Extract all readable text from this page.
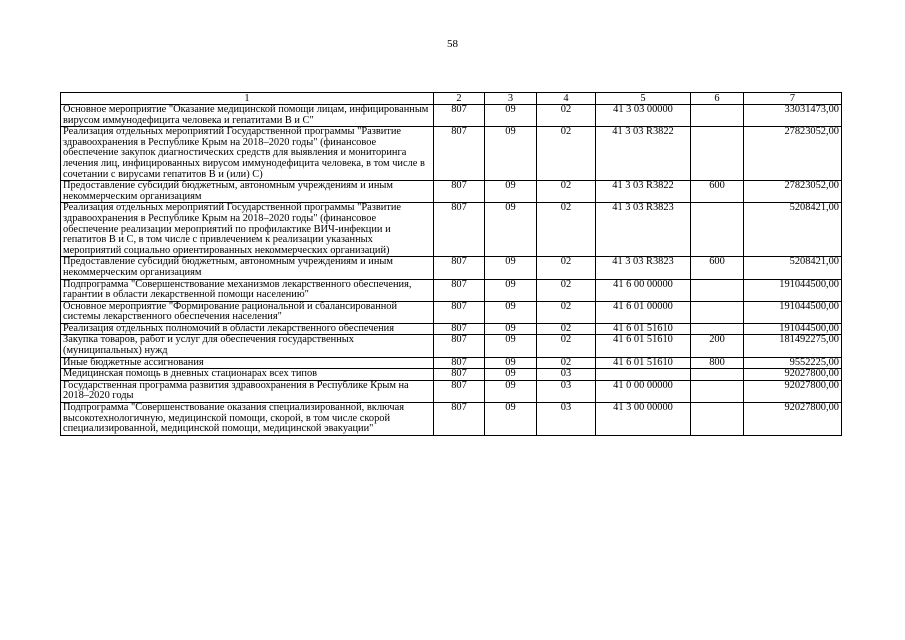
58
1	2	3	4	5	6	7
Основное мероприятие "Оказание медицинской помощи лицам, инфицированным вирусом иммунодефицита человека и гепатитами В и С"	807	09	02	41 3 03 00000		33031473,00
Реализация отдельных мероприятий Государственной программы "Развитие здравоохранения в Республике Крым на 2018–2020 годы" (финансовое обеспечение закупок диагностических средств для выявления и мониторинга лечения лиц, инфицированных вирусом иммунодефицита человека, в том числе в сочетании с вирусами гепатитов В и (или) С)	807	09	02	41 3 03 R3822		27823052,00
Предоставление субсидий бюджетным, автономным учреждениям и иным некоммерческим организациям	807	09	02	41 3 03 R3822	600	27823052,00
Реализация отдельных мероприятий Государственной программы "Развитие здравоохранения в Республике Крым на 2018–2020 годы" (финансовое обеспечение реализации мероприятий по профилактике ВИЧ-инфекции и гепатитов В и С, в том числе с привлечением к реализации указанных мероприятий социально ориентированных некоммерческих организаций)	807	09	02	41 3 03 R3823		5208421,00
Предоставление субсидий бюджетным, автономным учреждениям и иным некоммерческим организациям	807	09	02	41 3 03 R3823	600	5208421,00
Подпрограмма "Совершенствование механизмов лекарственного обеспечения, гарантии в области лекарственной помощи населению"	807	09	02	41 6 00 00000		191044500,00
Основное мероприятие "Формирование рациональной и сбалансированной системы лекарственного обеспечения населения"	807	09	02	41 6 01 00000		191044500,00
Реализация отдельных полномочий в области лекарственного обеспечения	807	09	02	41 6 01 51610		191044500,00
Закупка товаров, работ и услуг для обеспечения государственных (муниципальных) нужд	807	09	02	41 6 01 51610	200	181492275,00
Иные бюджетные ассигнования	807	09	02	41 6 01 51610	800	9552225,00
Медицинская помощь в дневных стационарах всех типов	807	09	03			92027800,00
Государственная программа развития здравоохранения в Республике Крым на 2018–2020 годы	807	09	03	41 0 00 00000		92027800,00
Подпрограмма "Совершенствование оказания специализированной, включая высокотехнологичную, медицинской помощи, скорой, в том числе скорой специализированной, медицинской помощи, медицинской эвакуации"	807	09	03	41 3 00 00000		92027800,00
